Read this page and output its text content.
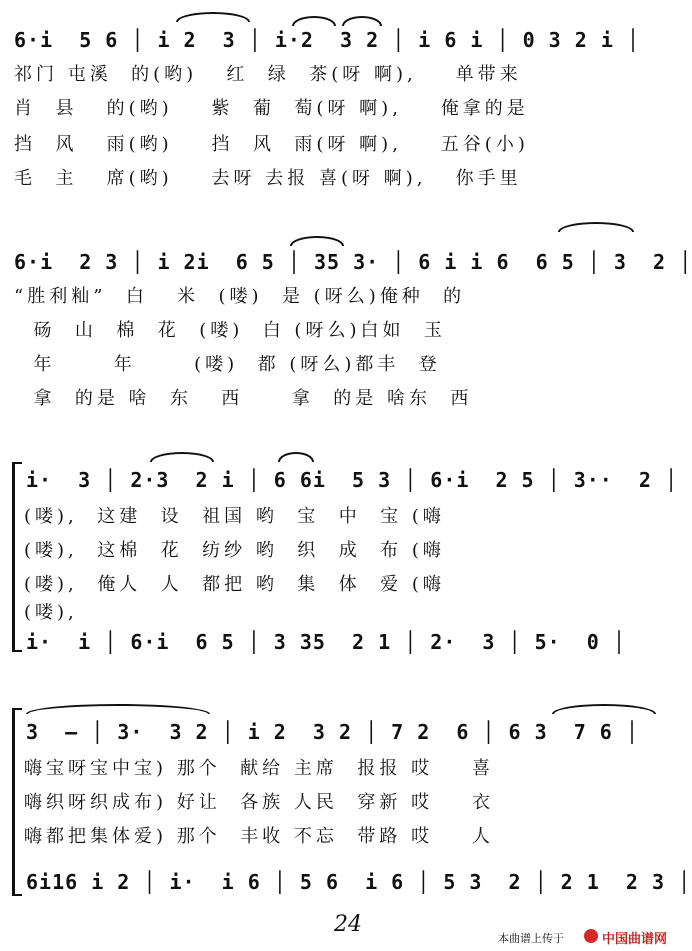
6·i  5 6 │ i 2  3 │ i·2  3 2 │ i 6 i │ 0 3 2 i │
祁门 屯溪  的(哟)   红  绿  茶(呀 啊),    单带来
肖  县   的(哟)    紫  葡  萄(呀 啊),    俺拿的是
挡  风   雨(哟)    挡  风  雨(呀 啊),    五谷(小)
毛  主   席(哟)    去呀 去报 喜(呀 啊),   你手里
6·i  2 3 │ i 2i  6 5 │ 35 3· │ 6 i i 6  6 5 │ 3  2 │
“胜利籼”  白   米  (喽)  是 (呀么)俺种  的
砀  山  棉  花  (喽)  白 (呀么)白如  玉
年      年      (喽)  都 (呀么)都丰  登
拿  的是 啥  东   西     拿  的是 啥东  西
i·  3 │ 2·3  2 i │ 6 6i  5 3 │ 6·i  2 5 │ 3··  2 │
(喽),  这建  设  祖国 哟  宝  中  宝 (嗨
(喽),  这棉  花  纺纱 哟  织  成  布 (嗨
(喽),  俺人  人  都把 哟  集  体  爱 (嗨
(喽),
i·  i │ 6·i  6 5 │ 3 35  2 1 │ 2·  3 │ 5·  0 │
3  — │ 3·  3 2 │ i 2  3 2 │ 7 2  6 │ 6 3  7 6 │
嗨宝呀宝中宝) 那个  献给 主席  报报 哎    喜
嗨织呀织成布) 好让  各族 人民  穿新 哎    衣
嗨都把集体爱) 那个  丰收 不忘  带路 哎    人
6i16 i 2 │ i·  i 6 │ 5 6  i 6 │ 5 3  2 │ 2 1  2 3 │
24
本曲谱上传于	中国曲谱网
